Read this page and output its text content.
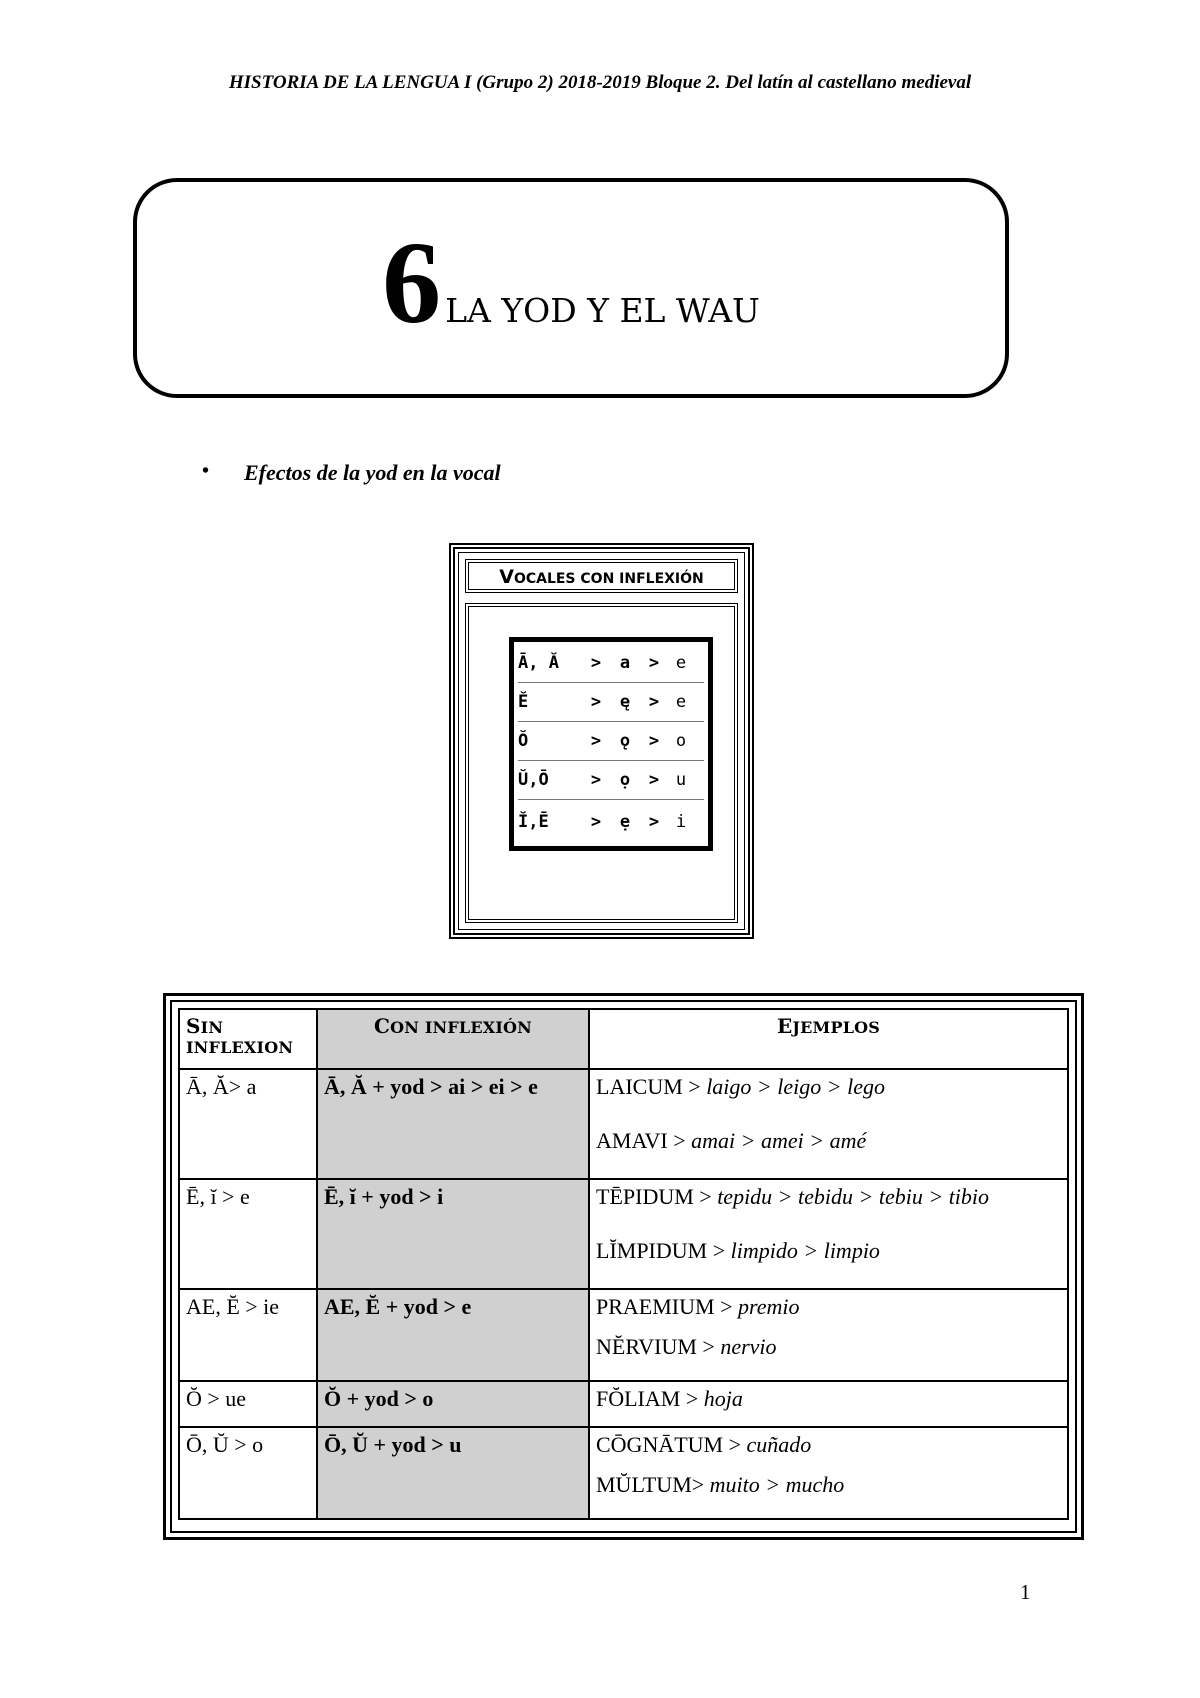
HISTORIA DE LA LENGUA I (Grupo 2) 2018-2019 Bloque 2. Del latín al castellano medieval
6 LA YOD Y EL WAU
• Efectos de la yod en la vocal
VOCALES CON INFLEXIÓN
Ā, Ă	>	a	> e
Ĕ	>	ę	> e
Ŏ	>	ǫ	> o
Ŭ,Ō	>	ọ	> u
Ĭ,Ē	>	ẹ	> i
SIN
INFLEXION	CON INFLEXIÓN	EJEMPLOS
Ā, Ă> a	Ā, Ă + yod > ai > ei > e	LAICUM > laigo > leigo > lego
AMAVI > amai > amei > amé

Ē, ĭ > e	Ē, ĭ + yod > i	TĒPIDUM > tepidu > tebidu > tebiu > tibio
LĬMPIDUM > limpido > limpio

AE, Ĕ > ie	AE, Ĕ + yod > e	PRAEMIUM > premio
NĔRVIUM > nervio

Ŏ > ue	Ŏ + yod > o	FŎLIAM > hoja

Ō, Ŭ > o	Ō, Ŭ + yod > u	CŌGNĀTUM > cuñado
MŬLTUM> muito > mucho
1
